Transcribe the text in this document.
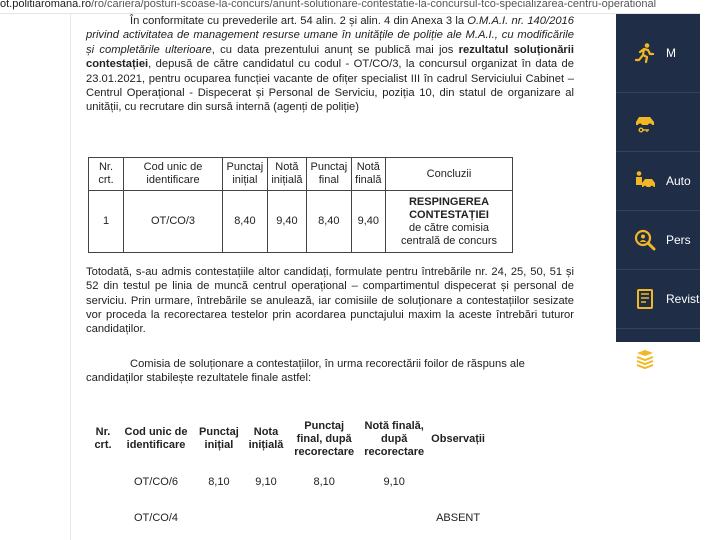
ot.politiaromana.ro/ro/cariera/posturi-scoase-la-concurs/anunt-solutionare-contestatie-la-concursul-tco-specializarea-centru-operational

În conformitate cu prevederile art. 54 alin. 2 și alin. 4 din Anexa 3 la O.M.A.I. nr. 140/2016 privind activitatea de management resurse umane în unitățile de poliție ale M.A.I., cu modificările și completările ulterioare, cu data prezentului anunț se publică mai jos rezultatul soluționării contestației, depusă de către candidatul cu codul - OT/CO/3, la concursul organizat în data de 23.01.2021, pentru ocuparea funcției vacante de ofițer specialist III în cadrul Serviciului Cabinet – Centrul Operațional - Dispecerat și Personal de Serviciu, poziția 10, din statul de organizare al unității, cu recrutare din sursă internă (agenți de poliție)

Totodată, s-au admis contestațiile altor candidați, formulate pentru întrebările nr. 24, 25, 50, 51 și 52 din testul pe linia de muncă centrul operațional – compartimentul dispecerat și personal de serviciu. Prin urmare, întrebările se anulează, iar comisiile de soluționare a contestațiilor sesizate vor proceda la recorectarea testelor prin acordarea punctajului maxim la aceste întrebări tuturor candidaților.

Comisia de soluționare a contestațiilor, în urma recorectării foilor de răspuns ale candidaților stabilește rezultatele finale astfel:

Nr. crt.	Cod unic de identificare	Punctaj inițial	Notă inițială	Punctaj final	Notă finală	Concluzii
1	OT/CO/3	8,40	9,40	8,40	9,40	RESPINGEREA CONTESTAȚIEI
de către comisia centrală de concurs
Nr. crt.	Cod unic de identificare	Punctaj inițial	Nota inițială	Punctaj final, după recorectare	Notă finală, după recorectare	Observații
	OT/CO/6	8,10	9,10	8,10	9,10	
	OT/CO/4					ABSENT
M
Auto
Pers
Revista
P
